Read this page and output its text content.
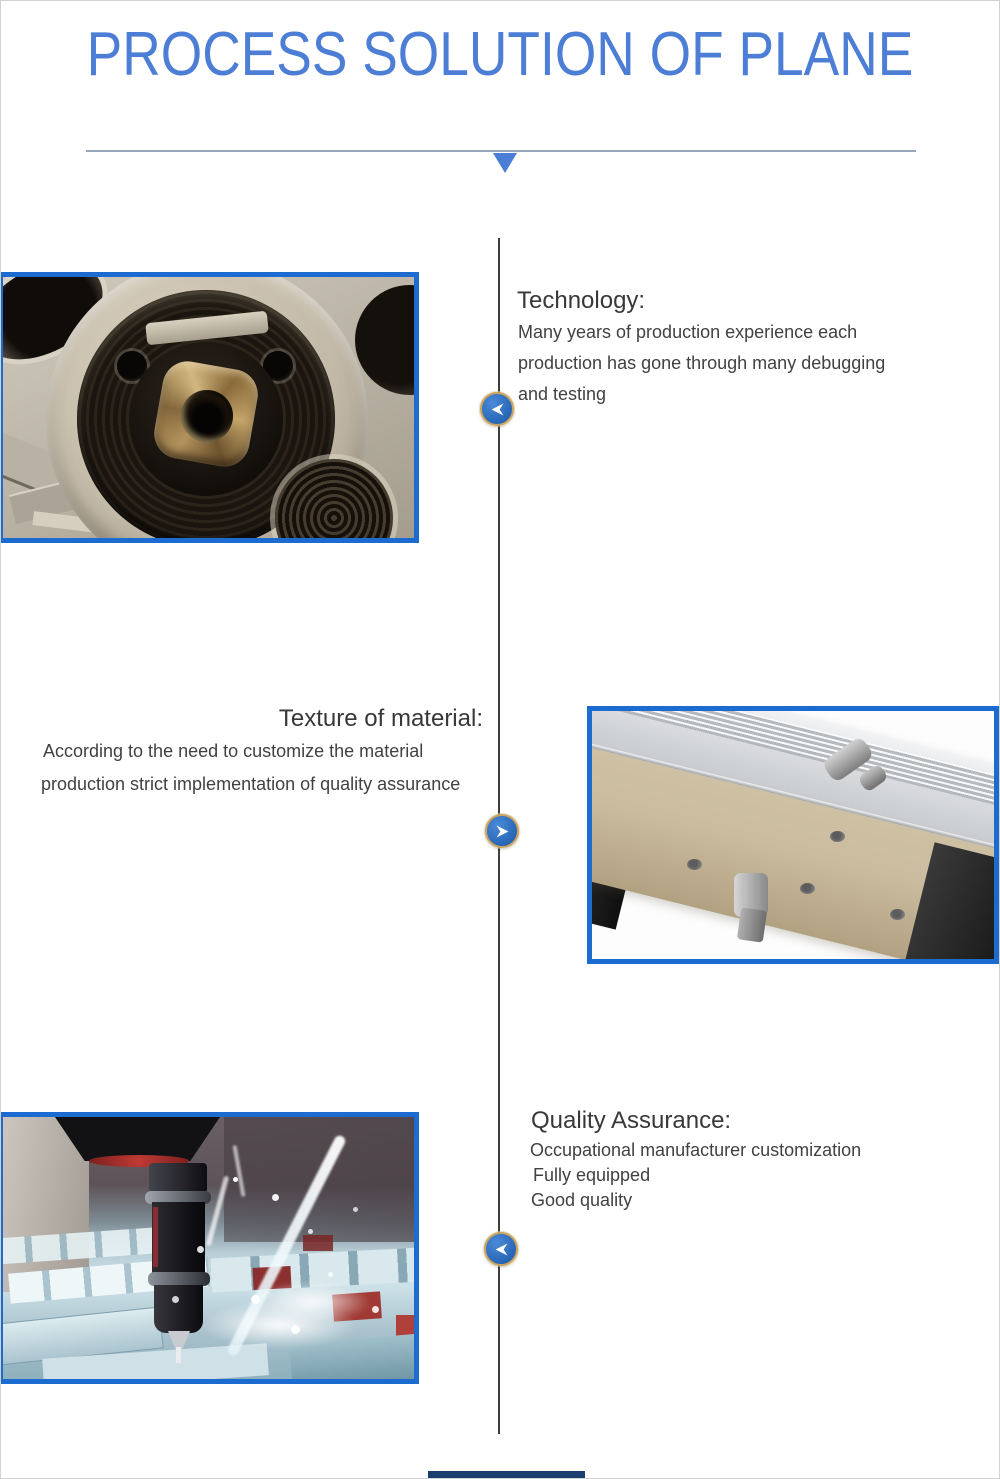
PROCESS SOLUTION OF PLANE
Technology:
Many years of production experience each
production has gone through many debugging
and testing
Texture of material:
According to the need to customize the material
production strict implementation of quality assurance
Quality Assurance:
Occupational manufacturer customization
Fully equipped
Good quality
